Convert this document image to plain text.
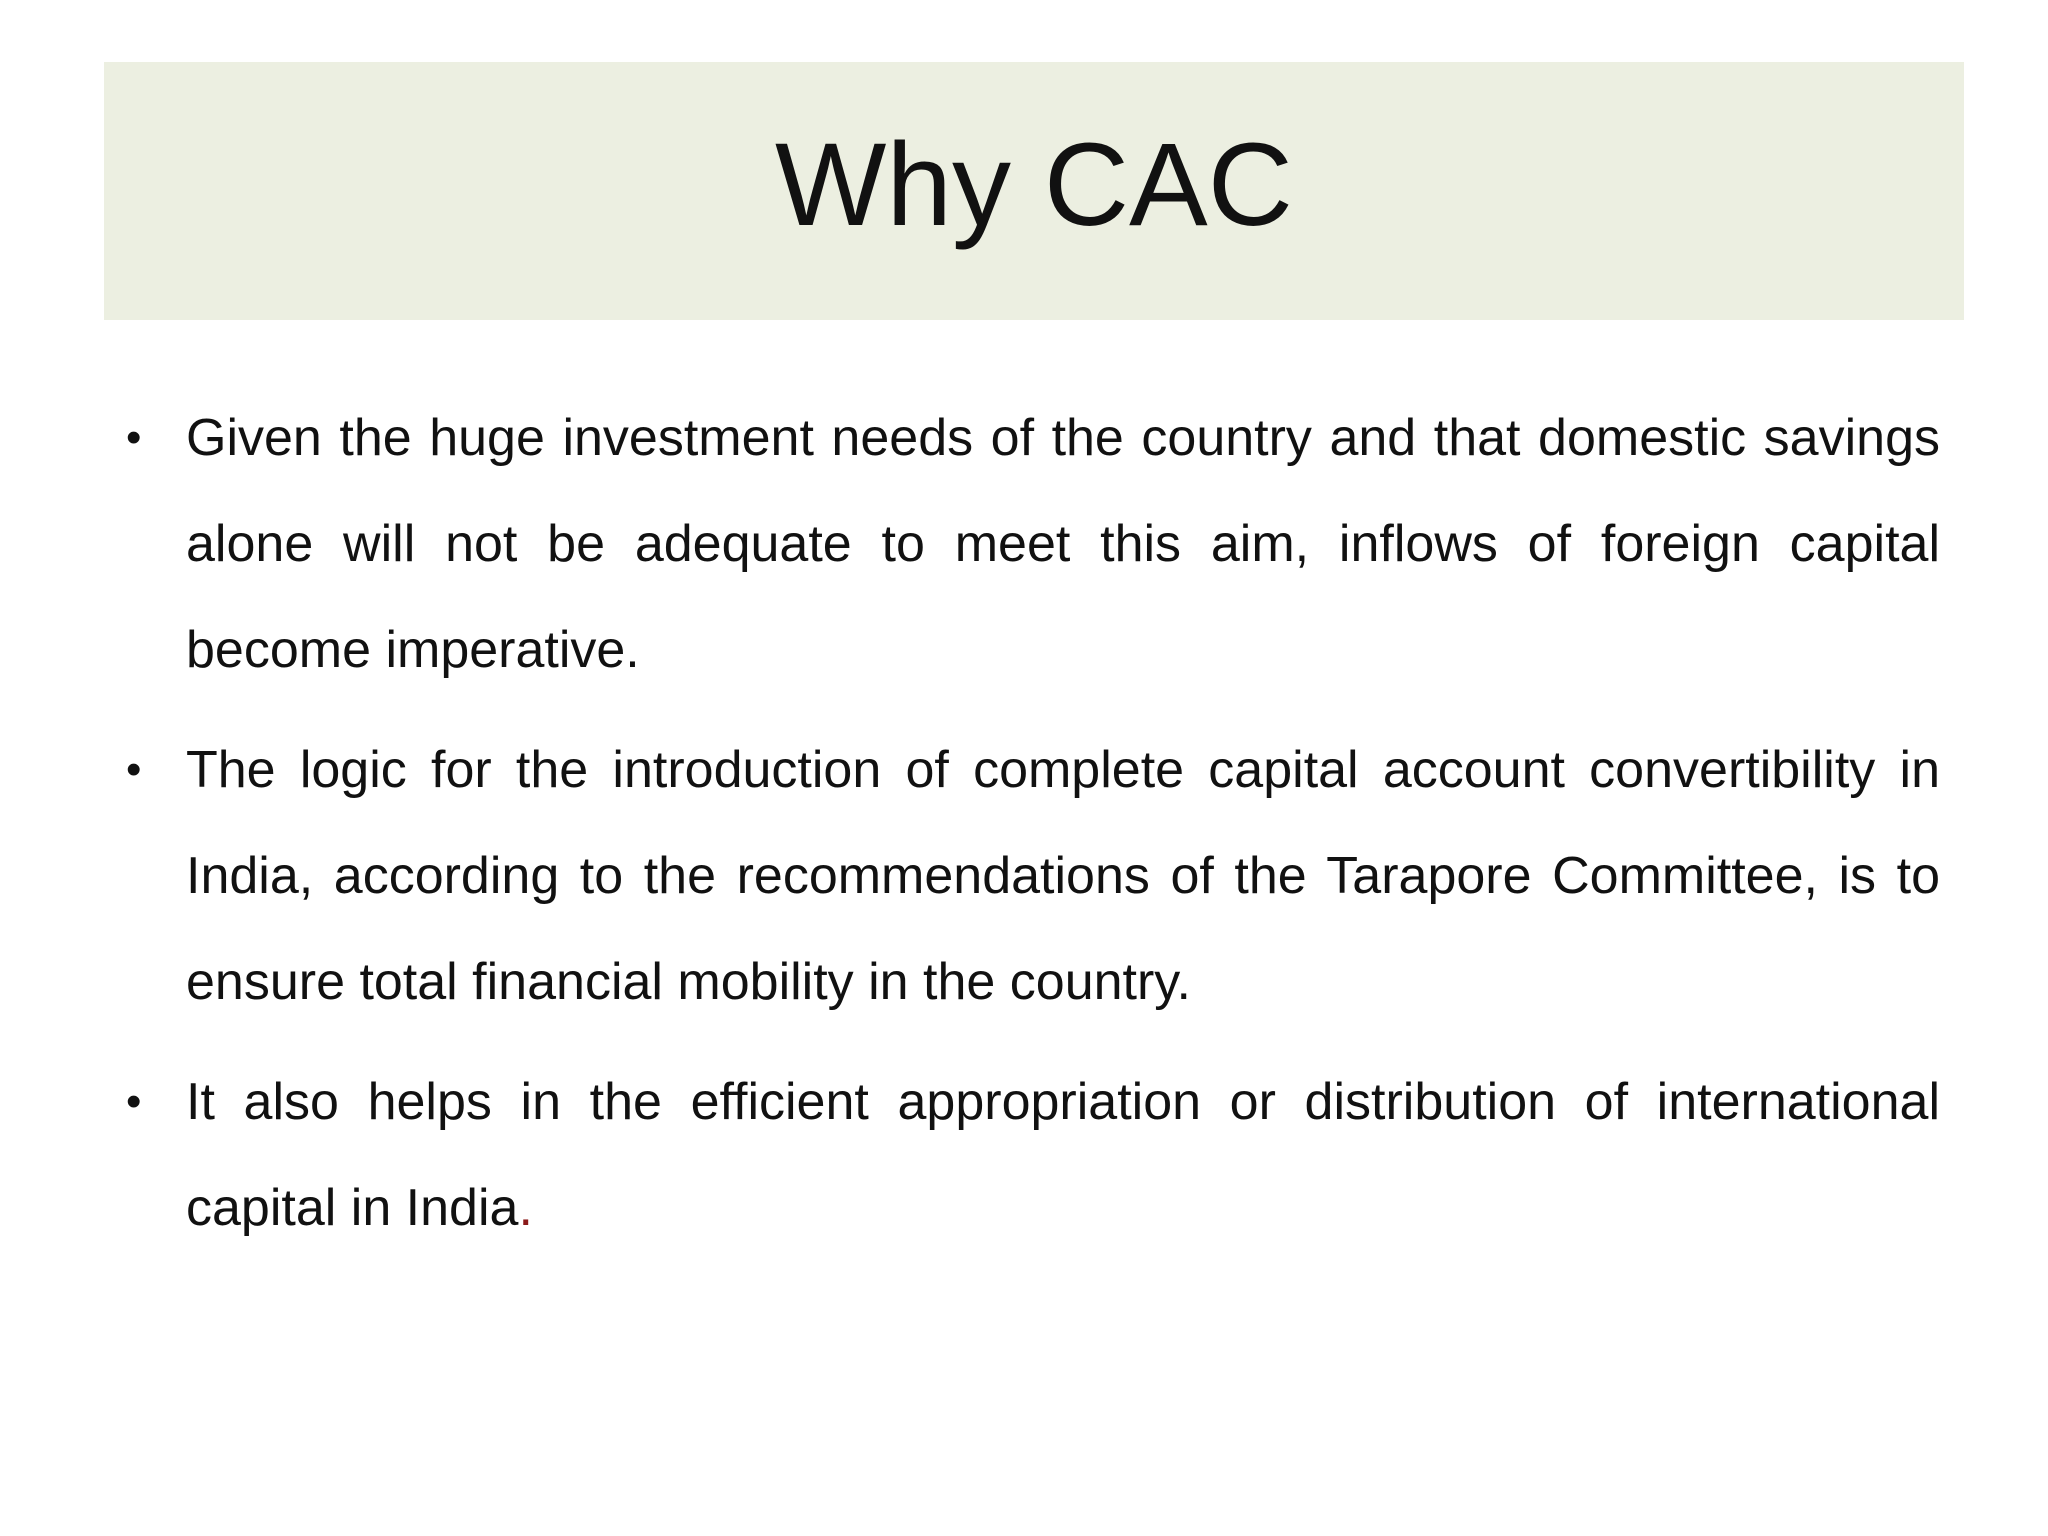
Why CAC
• Given the huge investment needs of the country and that domestic savings alone will not be adequate to meet this aim, inflows of foreign capital become imperative.
• The logic for the introduction of complete capital account convertibility in India, according to the recommendations of the Tarapore Committee, is to ensure total financial mobility in the country.
• It also helps in the efficient appropriation or distribution of international capital in India.
